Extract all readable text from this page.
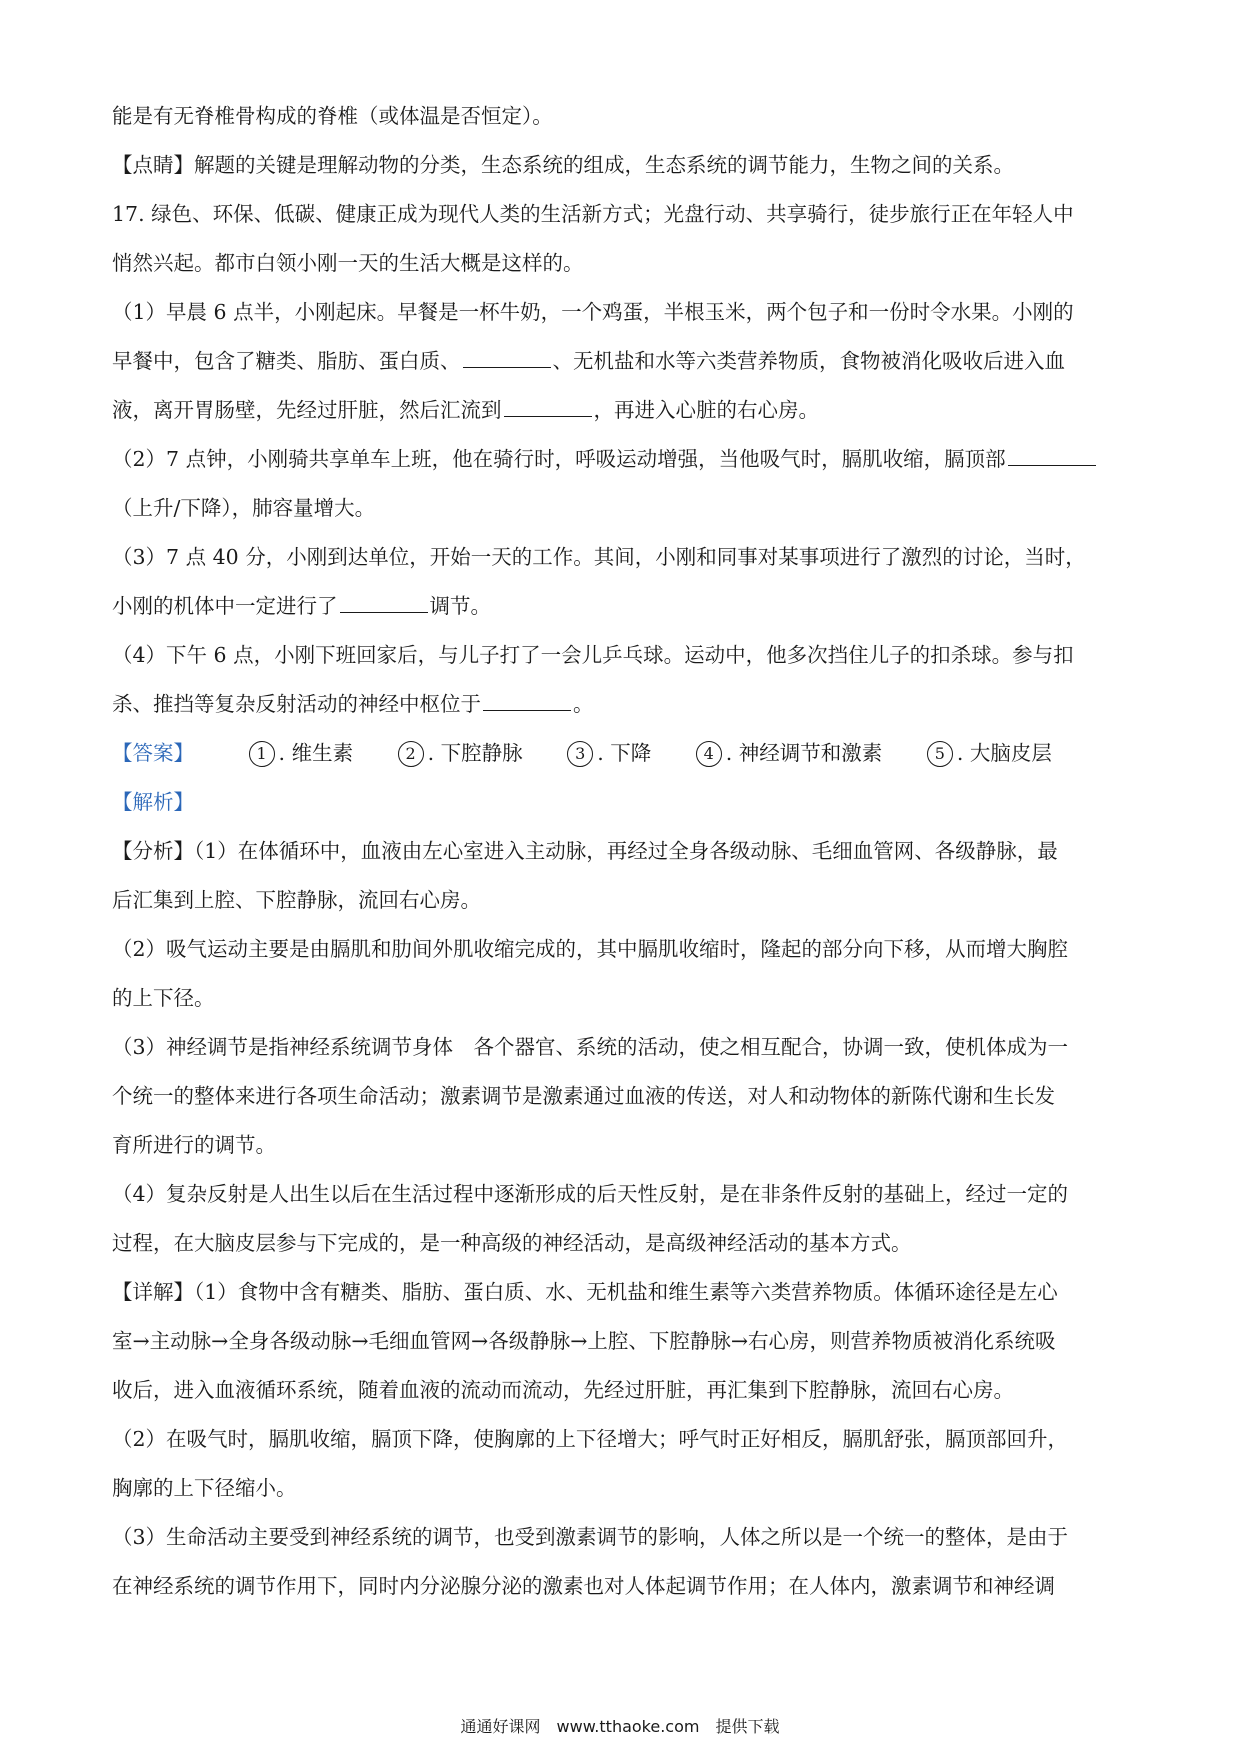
能是有无脊椎骨构成的脊椎（或体温是否恒定）。
【点睛】解题的关键是理解动物的分类，生态系统的组成，生态系统的调节能力，生物之间的关系。
17. 绿色、环保、低碳、健康正成为现代人类的生活新方式；光盘行动、共享骑行，徒步旅行正在年轻人中
悄然兴起。都市白领小刚一天的生活大概是这样的。
（1）早晨 6 点半，小刚起床。早餐是一杯牛奶，一个鸡蛋，半根玉米，两个包子和一份时令水果。小刚的
早餐中，包含了糖类、脂肪、蛋白质、	、无机盐和水等六类营养物质，食物被消化吸收后进入血
液，离开胃肠壁，先经过肝脏，然后汇流到	，再进入心脏的右心房。
（2）7 点钟，小刚骑共享单车上班，他在骑行时，呼吸运动增强，当他吸气时，膈肌收缩，膈顶部
（上升/下降），肺容量增大。
（3）7 点 40 分，小刚到达单位，开始一天的工作。其间，小刚和同事对某事项进行了激烈的讨论，当时，
小刚的机体中一定进行了	调节。
（4）下午 6 点，小刚下班回家后，与儿子打了一会儿乒乓球。运动中，他多次挡住儿子的扣杀球。参与扣
杀、推挡等复杂反射活动的神经中枢位于	。
【答案】	1 . 维生素	2 . 下腔静脉	3 . 下降	4 . 神经调节和激素	5 . 大脑皮层
【解析】
【分析】（1）在体循环中，血液由左心室进入主动脉，再经过全身各级动脉、毛细血管网、各级静脉，最
后汇集到上腔、下腔静脉，流回右心房。
（2）吸气运动主要是由膈肌和肋间外肌收缩完成的，其中膈肌收缩时，隆起的部分向下移，从而增大胸腔
的上下径。
（3）神经调节是指神经系统调节身体　各个器官、系统的活动，使之相互配合，协调一致，使机体成为一
个统一的整体来进行各项生命活动；激素调节是激素通过血液的传送，对人和动物体的新陈代谢和生长发
育所进行的调节。
（4）复杂反射是人出生以后在生活过程中逐渐形成的后天性反射，是在非条件反射的基础上，经过一定的
过程，在大脑皮层参与下完成的，是一种高级的神经活动，是高级神经活动的基本方式。
【详解】（1）食物中含有糖类、脂肪、蛋白质、水、无机盐和维生素等六类营养物质。体循环途径是左心
室→主动脉→全身各级动脉→毛细血管网→各级静脉→上腔、下腔静脉→右心房，则营养物质被消化系统吸
收后，进入血液循环系统，随着血液的流动而流动，先经过肝脏，再汇集到下腔静脉，流回右心房。
（2）在吸气时，膈肌收缩，膈顶下降，使胸廓的上下径增大；呼气时正好相反，膈肌舒张，膈顶部回升，
胸廓的上下径缩小。
（3）生命活动主要受到神经系统的调节，也受到激素调节的影响，人体之所以是一个统一的整体，是由于
在神经系统的调节作用下，同时内分泌腺分泌的激素也对人体起调节作用；在人体内，激素调节和神经调
通通好课网　www.tthaoke.com　提供下载
